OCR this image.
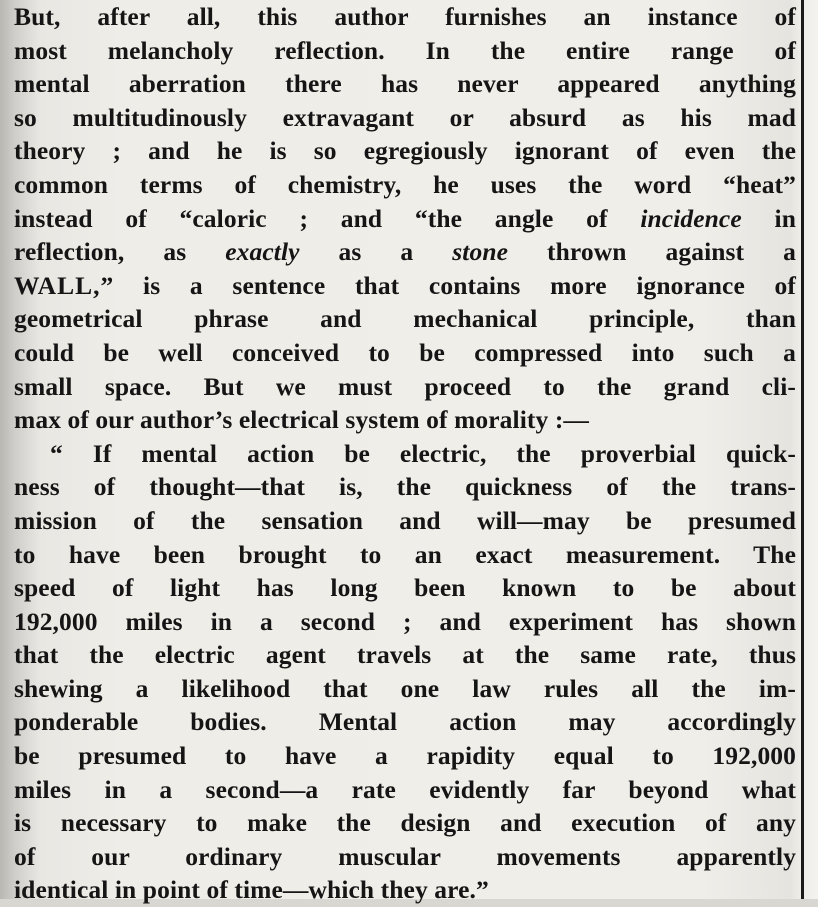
But, after all, this author furnishes an instance of
most melancholy reflection. In the entire range of
mental aberration there has never appeared anything
so multitudinously extravagant or absurd as his mad
theory ; and he is so egregiously ignorant of even the
common terms of chemistry, he uses the word “heat”
instead of “caloric ; and “the angle of incidence in
reflection, as exactly as a stone thrown against a
WALL,” is a sentence that contains more ignorance of
geometrical phrase and mechanical principle, than
could be well conceived to be compressed into such a
small space. But we must proceed to the grand cli-
max of our author’s electrical system of morality :—
“ If mental action be electric, the proverbial quick-
ness of thought—that is, the quickness of the trans-
mission of the sensation and will—may be presumed
to have been brought to an exact measurement. The
speed of light has long been known to be about
192,000 miles in a second ; and experiment has shown
that the electric agent travels at the same rate, thus
shewing a likelihood that one law rules all the im-
ponderable bodies. Mental action may accordingly
be presumed to have a rapidity equal to 192,000
miles in a second—a rate evidently far beyond what
is necessary to make the design and execution of any
of our ordinary muscular movements apparently
identical in point of time—which they are.”
